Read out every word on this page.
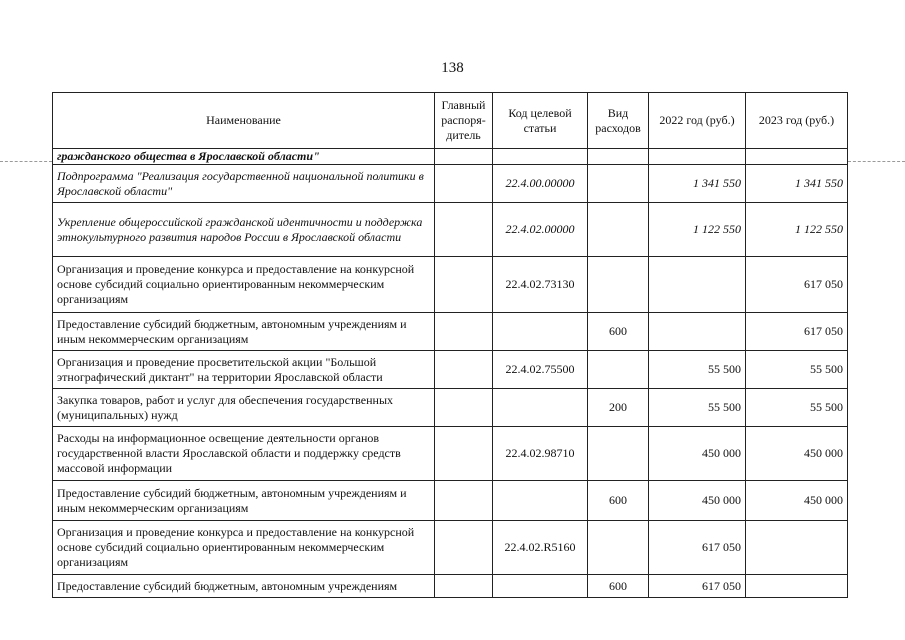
138
Наименование	Главный распоря-дитель	Код целевой статьи	Вид расходов	2022 год (руб.)	2023 год (руб.)
гражданского общества в Ярославской области"					
Подпрограмма "Реализация государственной национальной политики в Ярославской области"		22.4.00.00000		1 341 550	1 341 550
Укрепление общероссийской гражданской идентичности и поддержка этнокультурного развития народов России в Ярославской области		22.4.02.00000		1 122 550	1 122 550
Организация и проведение конкурса и предоставление на конкурсной основе субсидий социально ориентированным некоммерческим организациям		22.4.02.73130			617 050
Предоставление субсидий бюджетным, автономным учреждениям и иным некоммерческим организациям			600		617 050
Организация и проведение просветительской акции "Большой этнографический диктант" на территории Ярославской области		22.4.02.75500		55 500	55 500
Закупка товаров, работ и услуг для обеспечения государственных (муниципальных) нужд			200	55 500	55 500
Расходы на информационное освещение деятельности органов государственной власти Ярославской области и поддержку средств массовой информации		22.4.02.98710		450 000	450 000
Предоставление субсидий бюджетным, автономным учреждениям и иным некоммерческим организациям			600	450 000	450 000
Организация и проведение конкурса и предоставление на конкурсной основе субсидий социально ориентированным некоммерческим организациям		22.4.02.R5160		617 050	
Предоставление субсидий бюджетным, автономным учреждениям			600	617 050	
